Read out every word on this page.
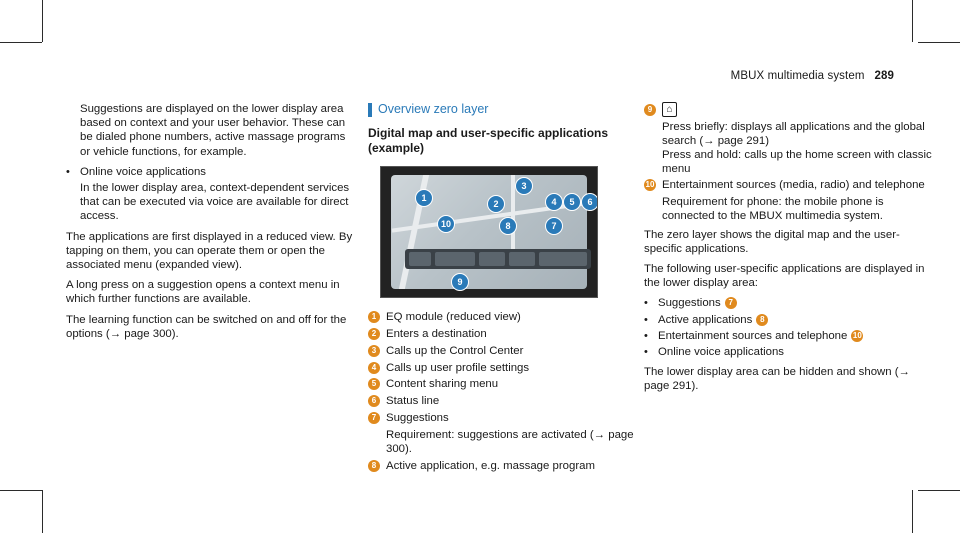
MBUX multimedia system 289
Suggestions are displayed on the lower display area based on context and your user behavior. These can be dialed phone numbers, active massage programs or vehicle functions, for example.
• Online voice applications
In the lower display area, context-dependent services that can be executed via voice are available for direct access.

The applications are first displayed in a reduced view. By tapping on them, you can operate them or open the associated menu (expanded view).

A long press on a suggestion opens a context menu in which further functions are available.

The learning function can be switched on and off for the options (→ page 300).

Overview zero layer
Digital map and user-specific applications (example)
1
2
3
4	5	6
7
8
9
10
1 EQ module (reduced view)
2 Enters a destination
3 Calls up the Control Center
4 Calls up user profile settings
5 Content sharing menu
6 Status line
7 Suggestions
Requirement: suggestions are activated (→ page 300).
8 Active application, e.g. massage program
9 ⌂
Press briefly: displays all applications and the global search (→ page 291)
Press and hold: calls up the home screen with classic menu
10 Entertainment sources (media, radio) and telephone
Requirement for phone: the mobile phone is connected to the MBUX multimedia system.

The zero layer shows the digital map and the user-specific applications.

The following user-specific applications are displayed in the lower display area:

• Suggestions 7
• Active applications 8
• Entertainment sources and telephone 10
• Online voice applications

The lower display area can be hidden and shown (→ page 291).
